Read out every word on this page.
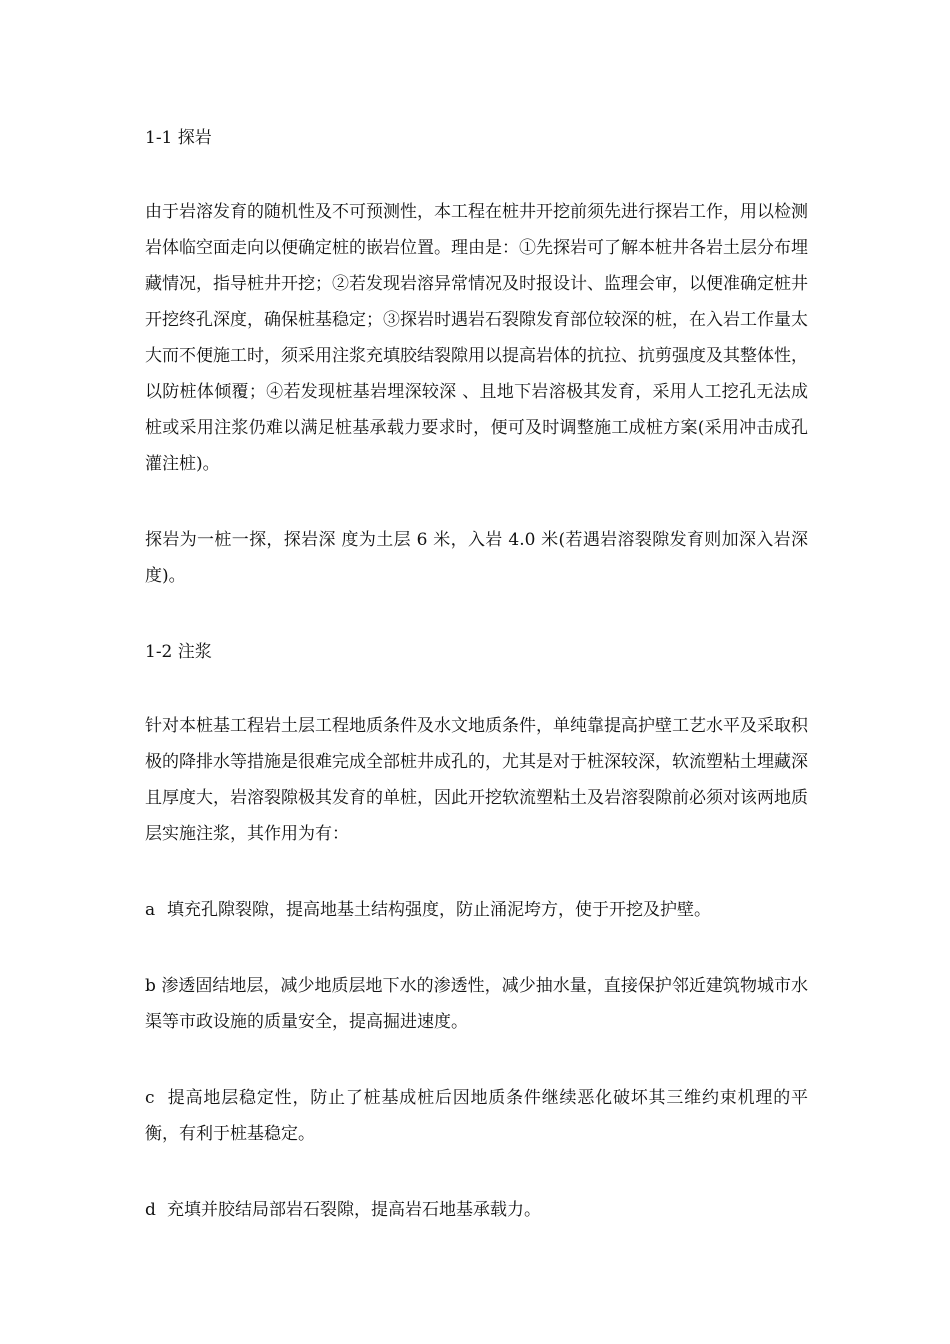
1-1 探岩

由于岩溶发育的随机性及不可预测性，本工程在桩井开挖前须先进行探岩工作，用以检测岩体临空面走向以便确定桩的嵌岩位置。理由是：①先探岩可了解本桩井各岩土层分布埋藏情况，指导桩井开挖；②若发现岩溶异常情况及时报设计、监理会审，以便准确定桩井开挖终孔深度，确保桩基稳定；③探岩时遇岩石裂隙发育部位较深的桩，在入岩工作量太大而不便施工时，须采用注浆充填胶结裂隙用以提高岩体的抗拉、抗剪强度及其整体性，以防桩体倾覆；④若发现桩基岩埋深较深 、且地下岩溶极其发育，采用人工挖孔无法成桩或采用注浆仍难以满足桩基承载力要求时，便可及时调整施工成桩方案(采用冲击成孔灌注桩)。

探岩为一桩一探，探岩深 度为土层 6 米，入岩 4.0 米(若遇岩溶裂隙发育则加深入岩深度)。

1-2 注浆

针对本桩基工程岩土层工程地质条件及水文地质条件，单纯靠提高护壁工艺水平及采取积极的降排水等措施是很难完成全部桩井成孔的，尤其是对于桩深较深，软流塑粘土埋藏深且厚度大，岩溶裂隙极其发育的单桩，因此开挖软流塑粘土及岩溶裂隙前必须对该两地质层实施注浆，其作用为有：

a 填充孔隙裂隙，提高地基土结构强度，防止涌泥垮方，使于开挖及护壁。
b 渗透固结地层，减少地质层地下水的渗透性，减少抽水量，直接保护邻近建筑物城市水渠等市政设施的质量安全，提高掘进速度。
c 提高地层稳定性，防止了桩基成桩后因地质条件继续恶化破坏其三维约束机理的平衡，有利于桩基稳定。
d 充填并胶结局部岩石裂隙，提高岩石地基承载力。
